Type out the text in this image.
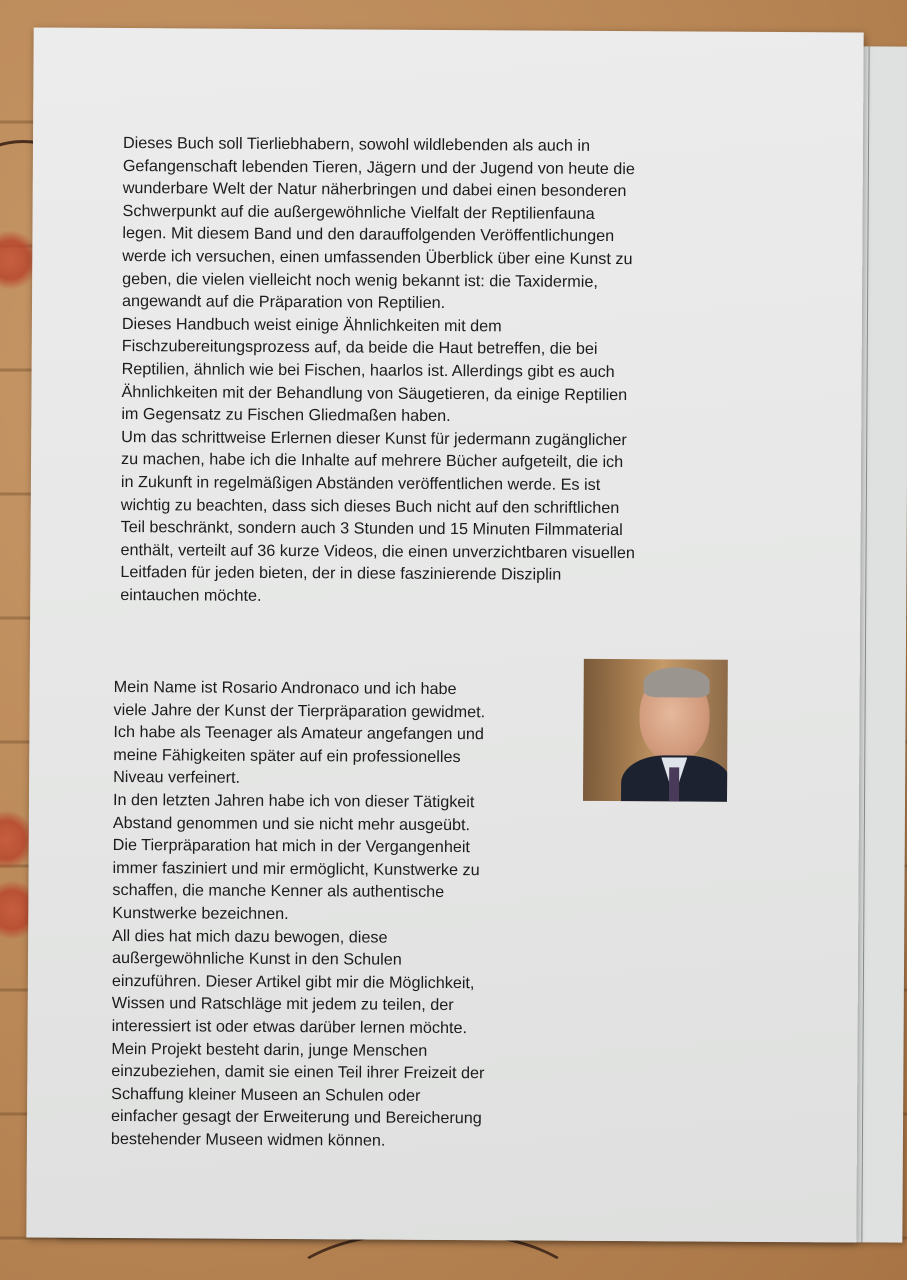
Dieses Buch soll Tierliebhabern, sowohl wildlebenden als auch in
Gefangenschaft lebenden Tieren, Jägern und der Jugend von heute die
wunderbare Welt der Natur näherbringen und dabei einen besonderen
Schwerpunkt auf die außergewöhnliche Vielfalt der Reptilienfauna
legen. Mit diesem Band und den darauffolgenden Veröffentlichungen
werde ich versuchen, einen umfassenden Überblick über eine Kunst zu
geben, die vielen vielleicht noch wenig bekannt ist: die Taxidermie,
angewandt auf die Präparation von Reptilien.
Dieses Handbuch weist einige Ähnlichkeiten mit dem
Fischzubereitungsprozess auf, da beide die Haut betreffen, die bei
Reptilien, ähnlich wie bei Fischen, haarlos ist. Allerdings gibt es auch
Ähnlichkeiten mit der Behandlung von Säugetieren, da einige Reptilien
im Gegensatz zu Fischen Gliedmaßen haben.
Um das schrittweise Erlernen dieser Kunst für jedermann zugänglicher
zu machen, habe ich die Inhalte auf mehrere Bücher aufgeteilt, die ich
in Zukunft in regelmäßigen Abständen veröffentlichen werde. Es ist
wichtig zu beachten, dass sich dieses Buch nicht auf den schriftlichen
Teil beschränkt, sondern auch 3 Stunden und 15 Minuten Filmmaterial
enthält, verteilt auf 36 kurze Videos, die einen unverzichtbaren visuellen
Leitfaden für jeden bieten, der in diese faszinierende Disziplin
eintauchen möchte.
Mein Name ist Rosario Andronaco und ich habe
viele Jahre der Kunst der Tierpräparation gewidmet.
Ich habe als Teenager als Amateur angefangen und
meine Fähigkeiten später auf ein professionelles
Niveau verfeinert.
In den letzten Jahren habe ich von dieser Tätigkeit
Abstand genommen und sie nicht mehr ausgeübt.
Die Tierpräparation hat mich in der Vergangenheit
immer fasziniert und mir ermöglicht, Kunstwerke zu
schaffen, die manche Kenner als authentische
Kunstwerke bezeichnen.
All dies hat mich dazu bewogen, diese
außergewöhnliche Kunst in den Schulen
einzuführen. Dieser Artikel gibt mir die Möglichkeit,
Wissen und Ratschläge mit jedem zu teilen, der
interessiert ist oder etwas darüber lernen möchte.
Mein Projekt besteht darin, junge Menschen
einzubeziehen, damit sie einen Teil ihrer Freizeit der
Schaffung kleiner Museen an Schulen oder
einfacher gesagt der Erweiterung und Bereicherung
bestehender Museen widmen können.
